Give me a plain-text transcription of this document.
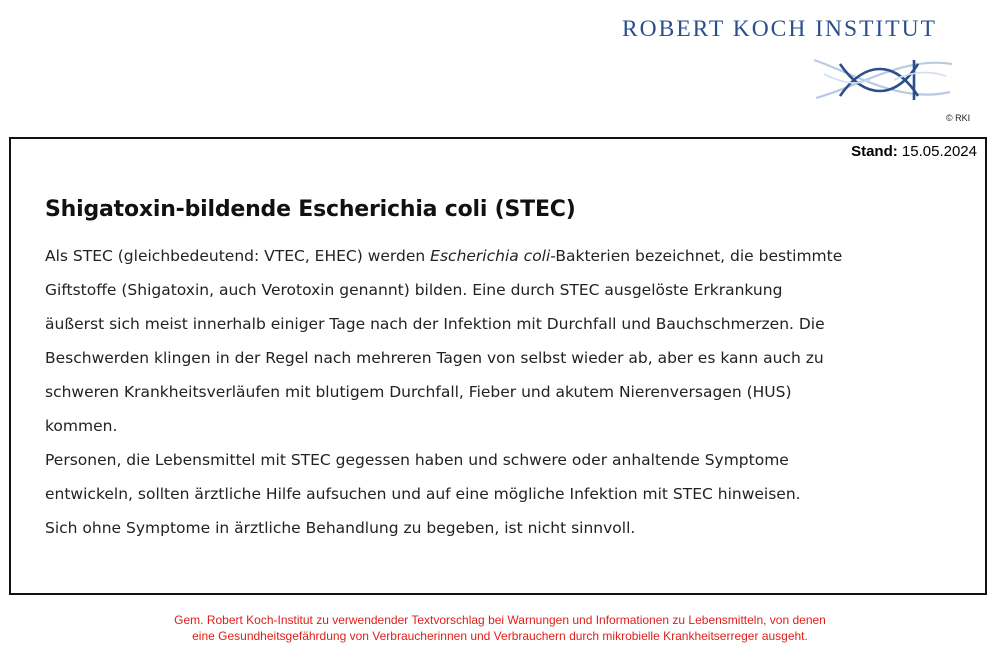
ROBERT KOCH INSTITUT
© RKI
Stand: 15.05.2024
Shigatoxin-bildende Escherichia coli (STEC)

Als STEC (gleichbedeutend: VTEC, EHEC) werden Escherichia coli-Bakterien bezeichnet, die bestimmte
Giftstoffe (Shigatoxin, auch Verotoxin genannt) bilden. Eine durch STEC ausgelöste Erkrankung
äußerst sich meist innerhalb einiger Tage nach der Infektion mit Durchfall und Bauchschmerzen. Die
Beschwerden klingen in der Regel nach mehreren Tagen von selbst wieder ab, aber es kann auch zu
schweren Krankheitsverläufen mit blutigem Durchfall, Fieber und akutem Nierenversagen (HUS)
kommen.

Personen, die Lebensmittel mit STEC gegessen haben und schwere oder anhaltende Symptome
entwickeln, sollten ärztliche Hilfe aufsuchen und auf eine mögliche Infektion mit STEC hinweisen.
Sich ohne Symptome in ärztliche Behandlung zu begeben, ist nicht sinnvoll.

Gem. Robert Koch-Institut zu verwendender Textvorschlag bei Warnungen und Informationen zu Lebensmitteln, von denen
eine Gesundheitsgefährdung von Verbraucherinnen und Verbrauchern durch mikrobielle Krankheitserreger ausgeht.
